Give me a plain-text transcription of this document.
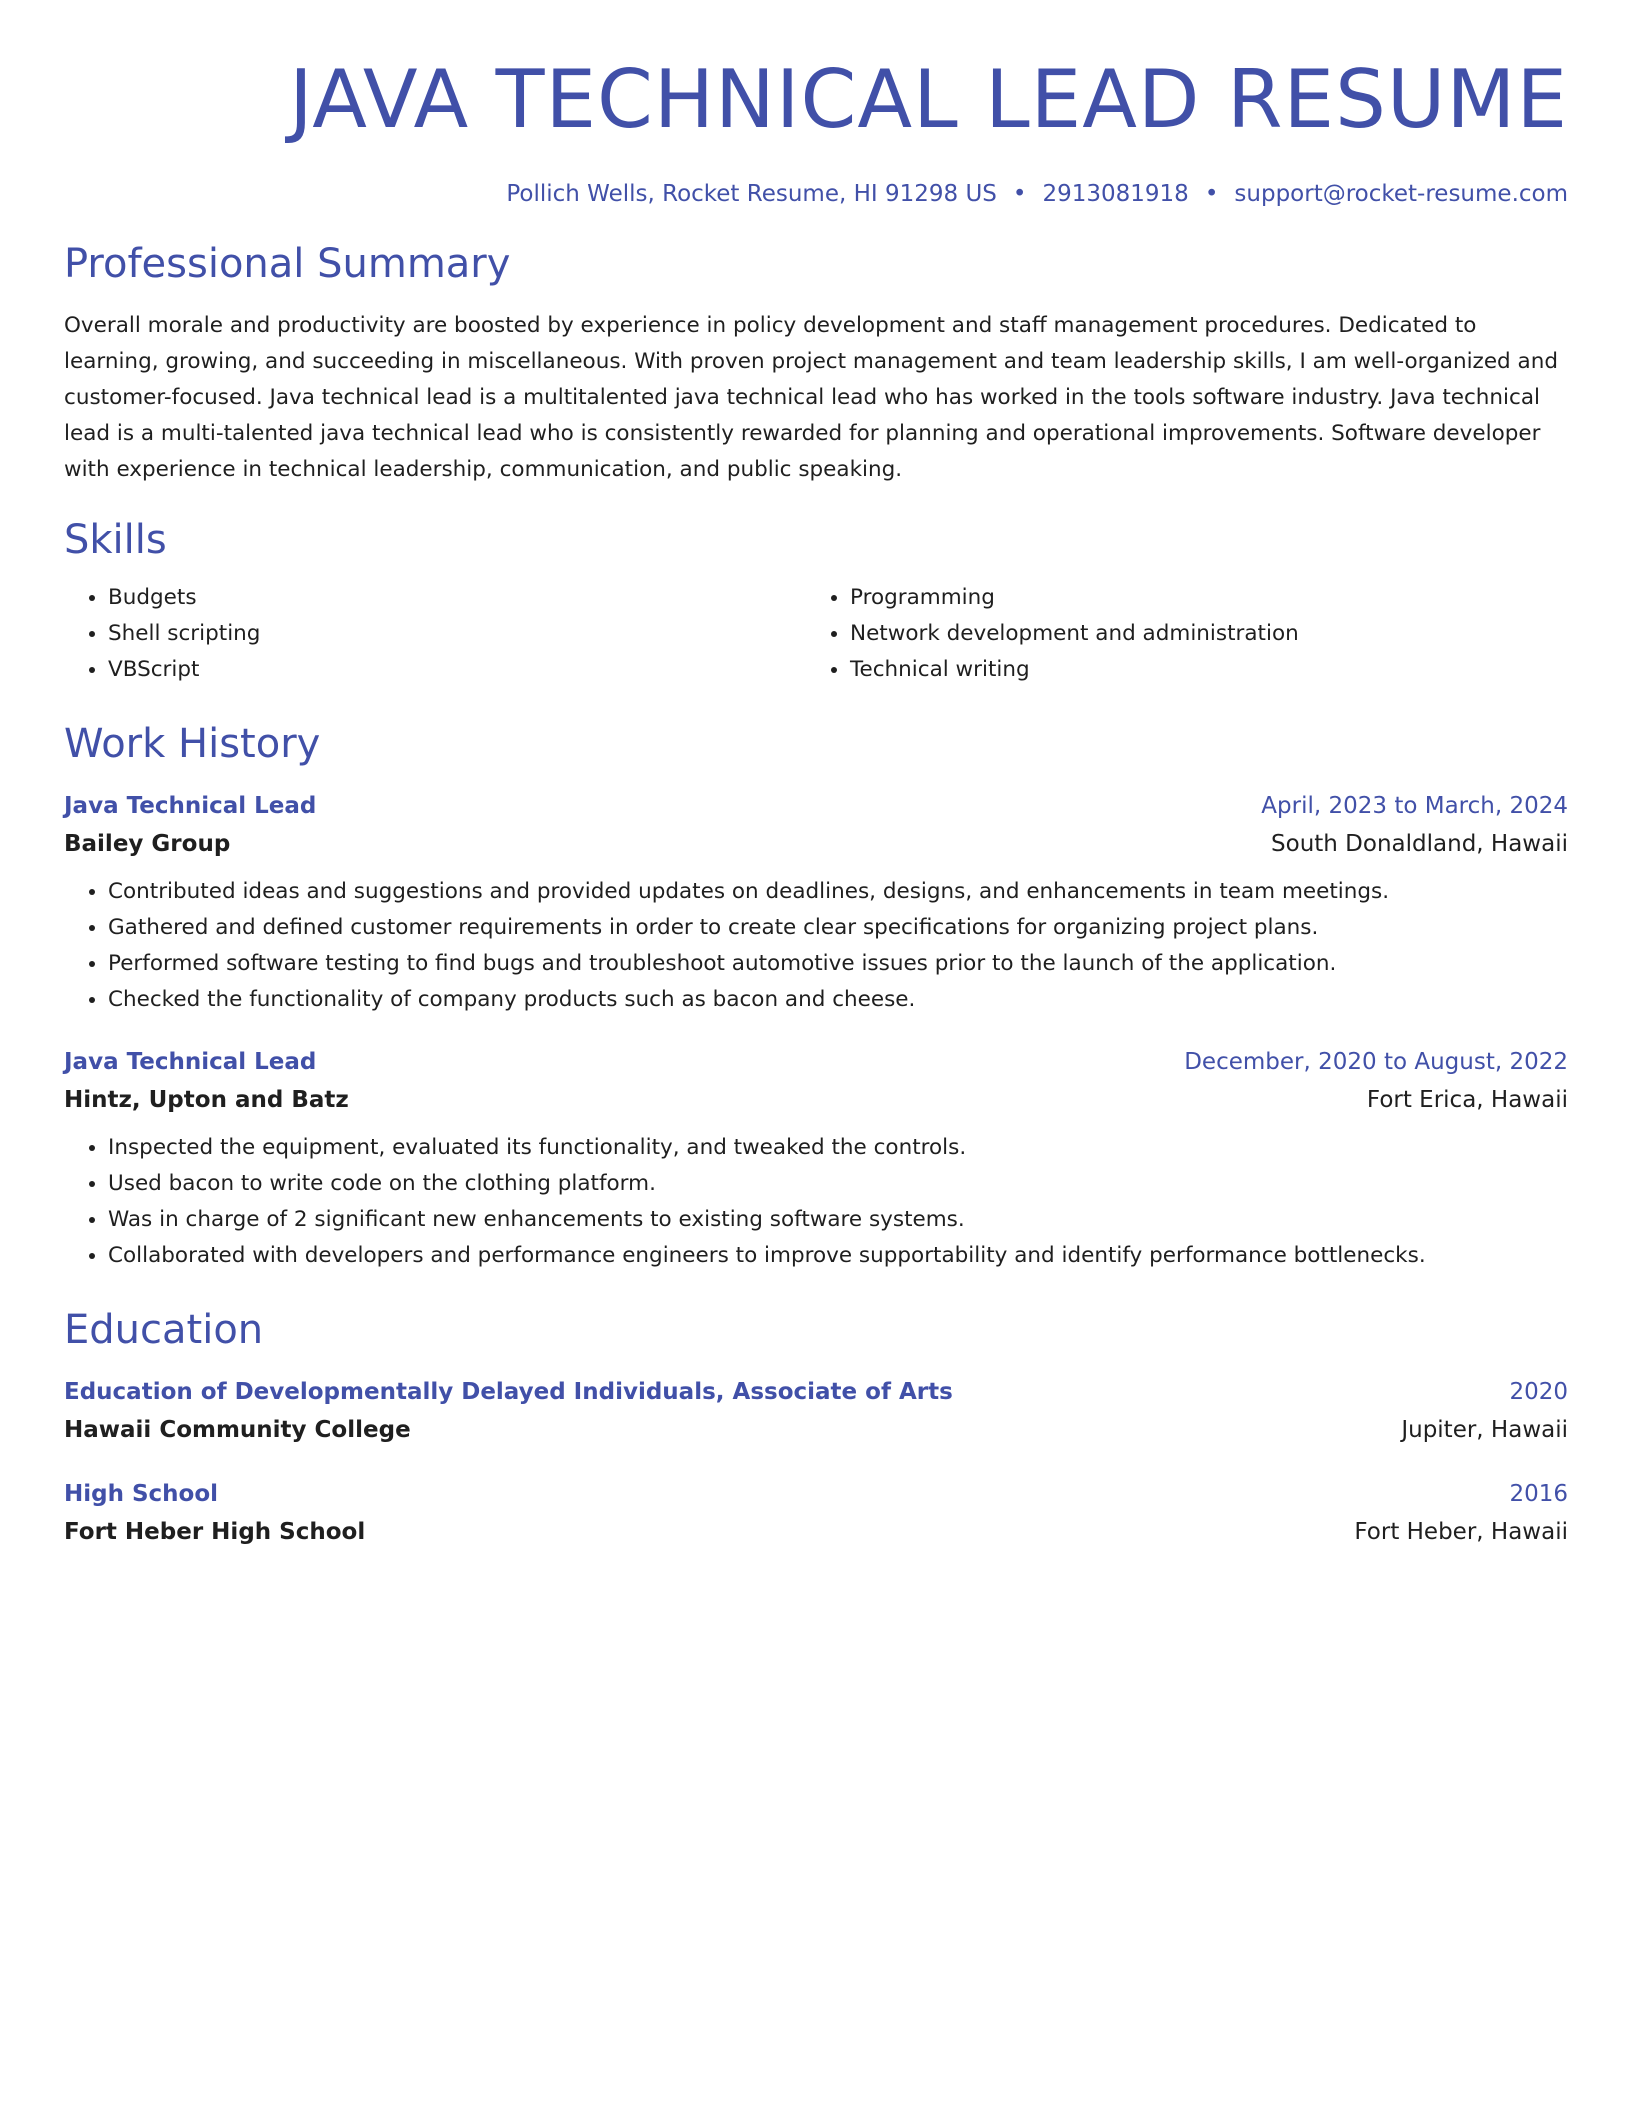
JAVA TECHNICAL LEAD RESUME
Pollich Wells, Rocket Resume, HI 91298 US • 2913081918 • support@rocket-resume.com
Professional Summary

Overall morale and productivity are boosted by experience in policy development and staff management procedures. Dedicated to learning, growing, and succeeding in miscellaneous. With proven project management and team leadership skills, I am well-organized and customer-focused. Java technical lead is a multitalented java technical lead who has worked in the tools software industry. Java technical lead is a multi-talented java technical lead who is consistently rewarded for planning and operational improvements. Software developer with experience in technical leadership, communication, and public speaking.

Skills
• Budgets
• Shell scripting
• VBScript
• Programming
• Network development and administration
• Technical writing
Work History
Java Technical Lead	April, 2023 to March, 2024
Bailey Group	South Donaldland, Hawaii
• Contributed ideas and suggestions and provided updates on deadlines, designs, and enhancements in team meetings.
• Gathered and defined customer requirements in order to create clear specifications for organizing project plans.
• Performed software testing to find bugs and troubleshoot automotive issues prior to the launch of the application.
• Checked the functionality of company products such as bacon and cheese.
Java Technical Lead	December, 2020 to August, 2022
Hintz, Upton and Batz	Fort Erica, Hawaii
• Inspected the equipment, evaluated its functionality, and tweaked the controls.
• Used bacon to write code on the clothing platform.
• Was in charge of 2 significant new enhancements to existing software systems.
• Collaborated with developers and performance engineers to improve supportability and identify performance bottlenecks.
Education
Education of Developmentally Delayed Individuals, Associate of Arts	2020
Hawaii Community College	Jupiter, Hawaii
High School	2016
Fort Heber High School	Fort Heber, Hawaii
